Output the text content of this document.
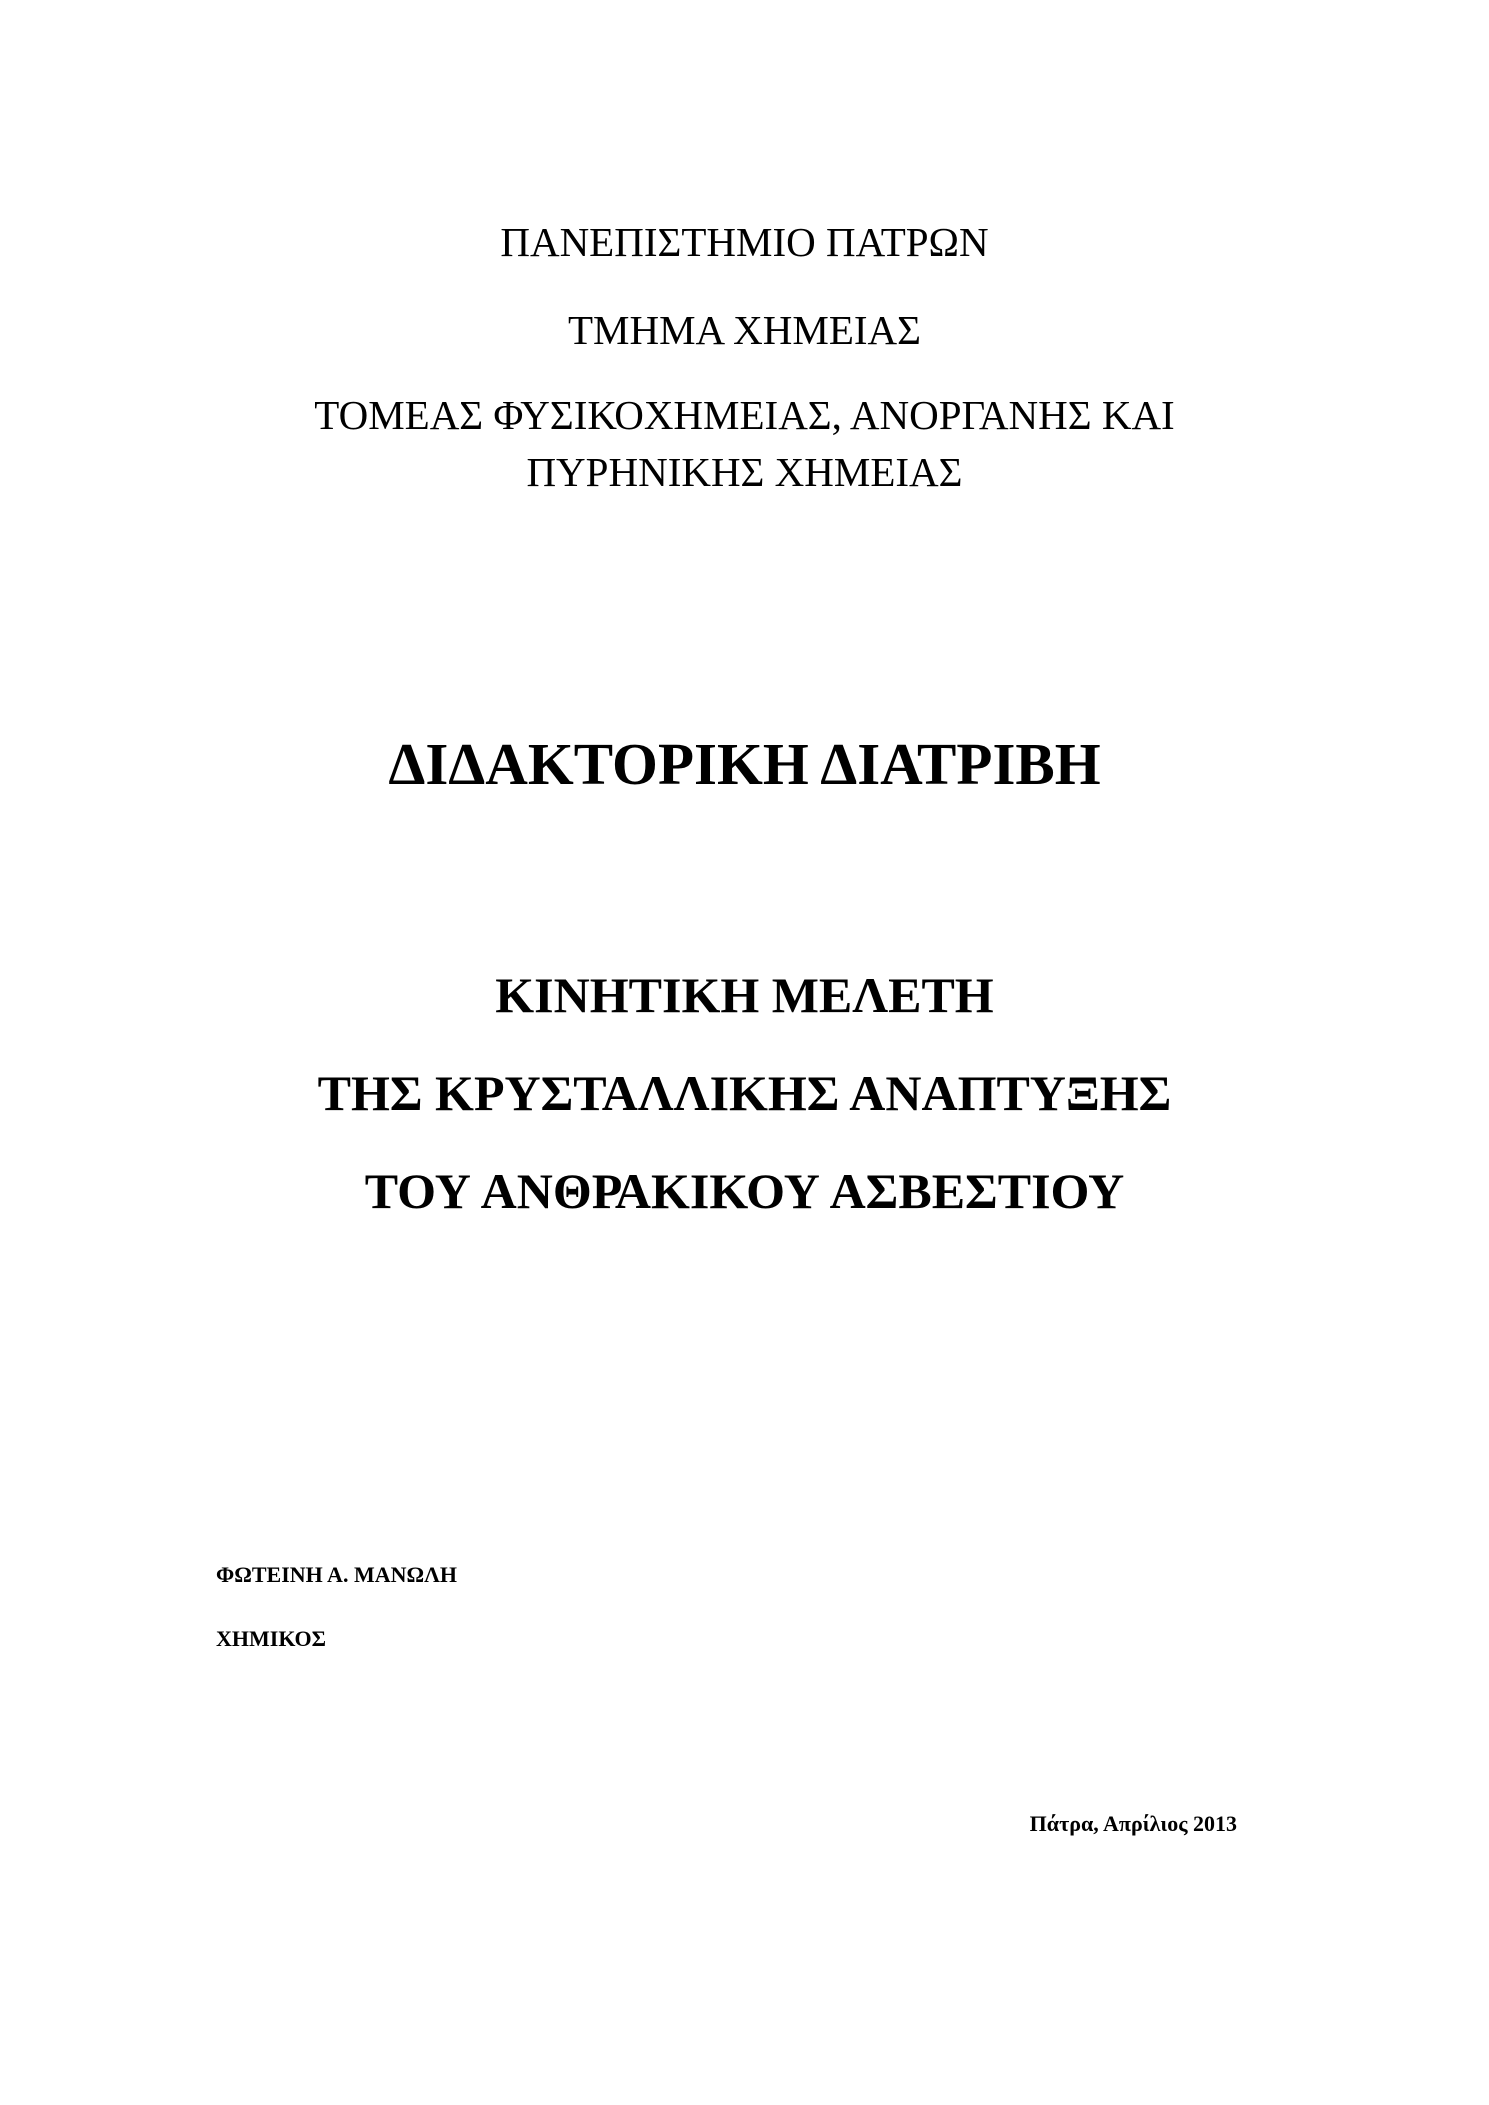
ΠΑΝΕΠΙΣΤΗΜΙΟ ΠΑΤΡΩΝ
ΤΜΗΜΑ ΧΗΜΕΙΑΣ
ΤΟΜΕΑΣ ΦΥΣΙΚΟΧΗΜΕΙΑΣ, ΑΝΟΡΓΑΝΗΣ ΚΑΙ
ΠΥΡΗΝΙΚΗΣ ΧΗΜΕΙΑΣ
ΔΙΔΑΚΤΟΡΙΚΗ ΔΙΑΤΡΙΒΗ
ΚΙΝΗΤΙΚΗ ΜΕΛΕΤΗ
ΤΗΣ ΚΡΥΣΤΑΛΛΙΚΗΣ ΑΝΑΠΤΥΞΗΣ
ΤΟΥ ΑΝΘΡΑΚΙΚΟΥ ΑΣΒΕΣΤΙΟΥ
ΦΩΤΕΙΝΗ Α. ΜΑΝΩΛΗ
ΧΗΜΙΚΟΣ
Πάτρα, Απρίλιος 2013
